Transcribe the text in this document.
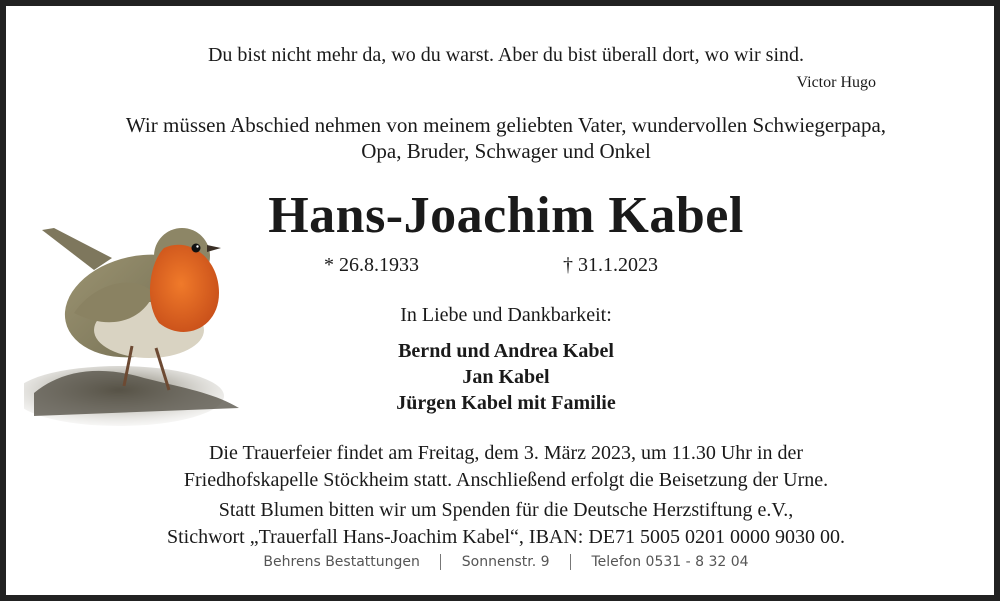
Du bist nicht mehr da, wo du warst. Aber du bist überall dort, wo wir sind.
Victor Hugo
Wir müssen Abschied nehmen von meinem geliebten Vater, wundervollen Schwiegerpapa,
Opa, Bruder, Schwager und Onkel
Hans-Joachim Kabel
* 26.8.1933	† 31.1.2023
In Liebe und Dankbarkeit:
Bernd und Andrea Kabel
Jan Kabel
Jürgen Kabel mit Familie
Die Trauerfeier findet am Freitag, dem 3. März 2023, um 11.30 Uhr in der
Friedhofskapelle Stöckheim statt. Anschließend erfolgt die Beisetzung der Urne.
Statt Blumen bitten wir um Spenden für die Deutsche Herzstiftung e.V.,
Stichwort „Trauerfall Hans-Joachim Kabel“, IBAN: DE71 5005 0201 0000 9030 00.
Behrens Bestattungen	Sonnenstr. 9	Telefon 0531 - 8 32 04
